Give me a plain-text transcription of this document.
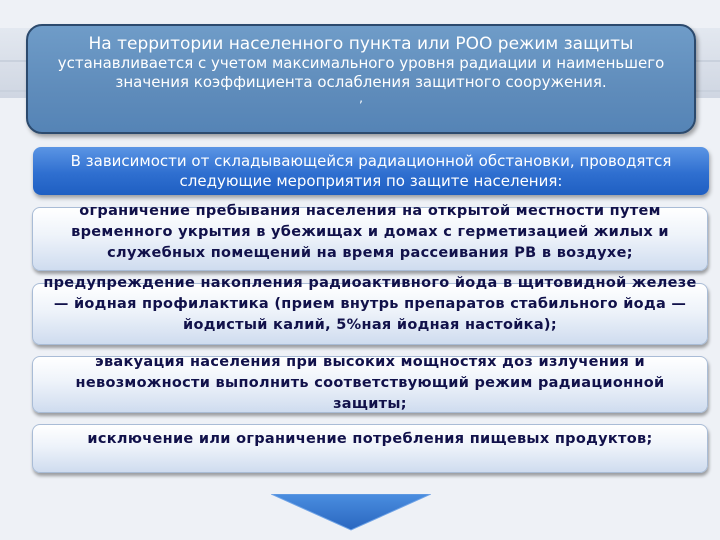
На территории населенного пункта или РОО режим защиты
устанавливается с учетом максимального уровня радиации и наименьшего значения коэффициента ослабления защитного сооружения.
,
В зависимости от складывающейся радиационной обстановки, проводятся следующие мероприятия по защите населения:
ограничение пребывания населения на открытой местности путем временного укрытия в убежищах и домах с герметизацией жилых и служебных помещений на время рассеивания РВ в воздухе;
предупреждение накопления радиоактивного йода в щитовидной железе — йодная профилактика (прием внутрь препаратов стабильного йода — йодистый калий, 5%ная йодная настойка);
эвакуация населения при высоких мощностях доз излучения и невозможности выполнить соответствующий режим радиационной защиты;
исключение или ограничение потребления пищевых продуктов;
